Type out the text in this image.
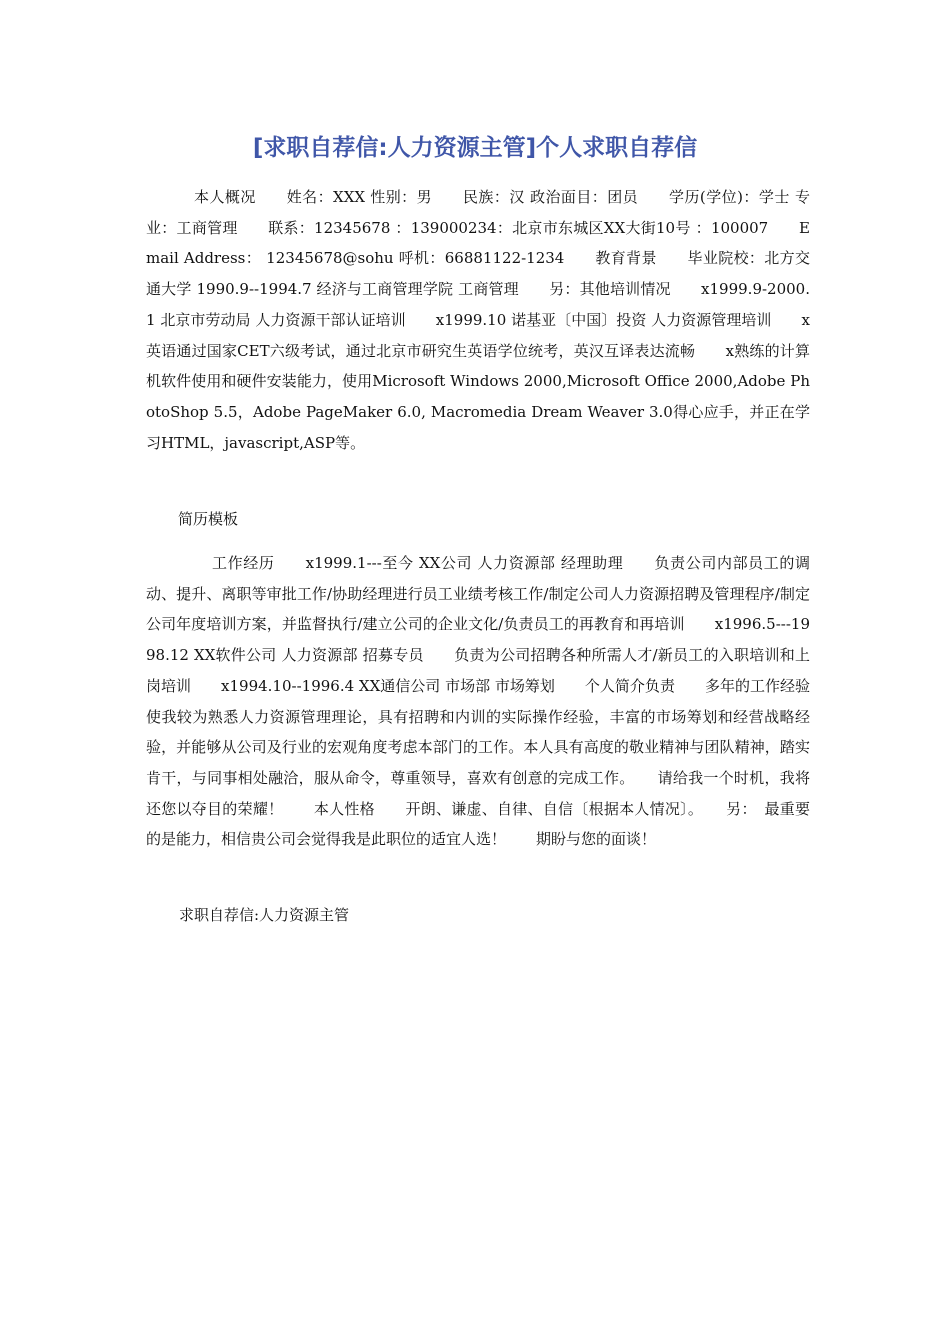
[求职自荐信:人力资源主管]个人求职自荐信

本人概况　　姓名：XXX 性别：男　　民族：汉 政治面目：团员　　学历(学位)：学士 专业：工商管理　　联系：12345678 ：139000234：北京市东城区XX大街10号 ：100007　　Email Address： 12345678@sohu 呼机：66881122-1234　　教育背景　　毕业院校：北方交通大学 1990.9--1994.7 经济与工商管理学院 工商管理　　另：其他培训情况　　x1999.9-2000.1 北京市劳动局 人力资源干部认证培训　　x1999.10 诺基亚〔中国〕投资 人力资源管理培训　　x英语通过国家CET六级考试，通过北京市研究生英语学位统考，英汉互译表达流畅　　x熟练的计算机软件使用和硬件安装能力，使用Microsoft Windows 2000,Microsoft Office 2000,Adobe PhotoShop 5.5，Adobe PageMaker 6.0, Macromedia Dream Weaver 3.0得心应手，并正在学习HTML，javascript,ASP等。

简历模板

工作经历　　x1999.1---至今 XX公司 人力资源部 经理助理　　负责公司内部员工的调动、提升、离职等审批工作/协助经理进行员工业绩考核工作/制定公司人力资源招聘及管理程序/制定公司年度培训方案，并监督执行/建立公司的企业文化/负责员工的再教育和再培训　　x1996.5---1998.12 XX软件公司 人力资源部 招募专员　　负责为公司招聘各种所需人才/新员工的入职培训和上岗培训　　x1994.10--1996.4 XX通信公司 市场部 市场筹划　　个人简介负责　　多年的工作经验使我较为熟悉人力资源管理理论，具有招聘和内训的实际操作经验，丰富的市场筹划和经营战略经验，并能够从公司及行业的宏观角度考虑本部门的工作。本人具有高度的敬业精神与团队精神，踏实肯干，与同事相处融洽，服从命令，尊重领导，喜欢有创意的完成工作。　　请给我一个时机，我将还您以夺目的荣耀！　　本人性格　　开朗、谦虚、自律、自信〔根据本人情况〕。　　另：　最重要的是能力，相信贵公司会觉得我是此职位的适宜人选！　　期盼与您的面谈！

求职自荐信:人力资源主管
